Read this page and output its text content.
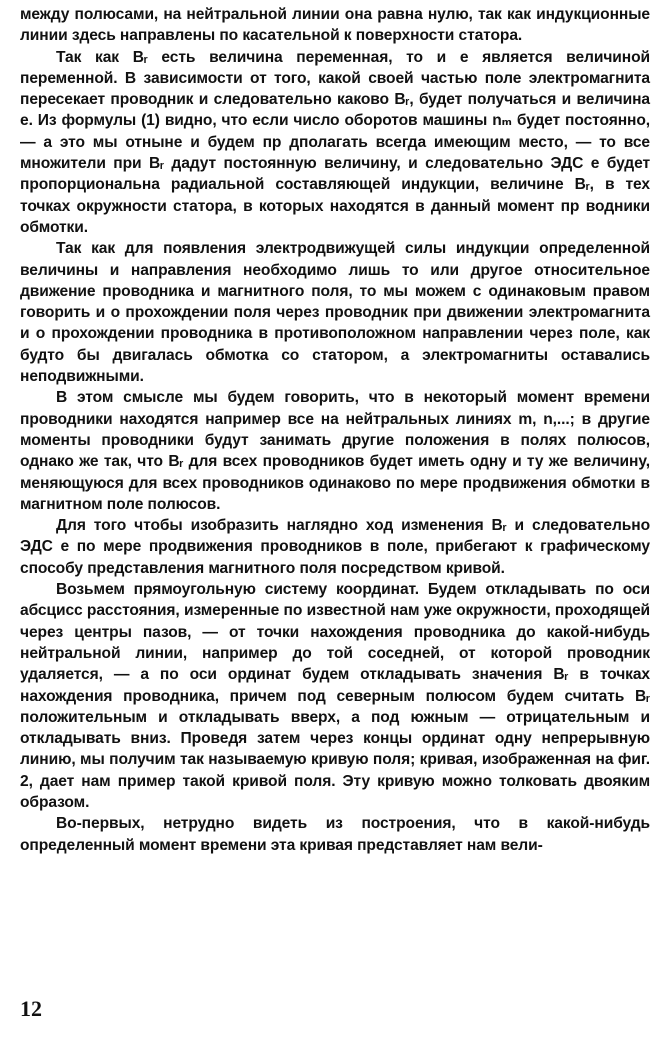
между полюсами, на нейтральной линии она равна нулю, так как индукционные линии здесь направлены по касательной к поверхности статора.

Так как Bᵣ есть величина переменная, то и e является величиной переменной. В зависимости от того, какой своей частью поле электромагнита пересекает проводник и следовательно каково Bᵣ, будет получаться и величина e. Из формулы (1) видно, что если число оборотов машины nₘ будет постоянно, — а это мы отныне и будем пр дполагать всегда имеющим место, — то все множители при Bᵣ дадут постоянную величину, и следовательно ЭДС e будет пропорциональна радиальной составляющей индукции, величине Bᵣ, в тех точках окружности статора, в которых находятся в данный момент пр водники обмотки.

Так как для появления электродвижущей силы индукции определенной величины и направления необходимо лишь то или другое относительное движение проводника и магнитного поля, то мы можем с одинаковым правом говорить и о прохождении поля через проводник при движении электромагнита и о прохождении проводника в противоположном направлении через поле, как будто бы двигалась обмотка со статором, а электромагниты оставались неподвижными.

В этом смысле мы будем говорить, что в некоторый момент времени проводники находятся например все на нейтральных линиях m, n,...; в другие моменты проводники будут занимать другие положения в полях полюсов, однако же так, что Bᵣ для всех проводников будет иметь одну и ту же величину, меняющуюся для всех проводников одинаково по мере продвижения обмотки в магнитном поле полюсов.

Для того чтобы изобразить наглядно ход изменения Bᵣ и следовательно ЭДС e по мере продвижения проводников в поле, прибегают к графическому способу представления магнитного поля посредством кривой.

Возьмем прямоугольную систему координат. Будем откладывать по оси абсцисс расстояния, измеренные по известной нам уже окружности, проходящей через центры пазов, — от точки нахождения проводника до какой-нибудь нейтральной линии, например до той соседней, от которой проводник удаляется, — а по оси ординат будем откладывать значения Bᵣ в точках нахождения проводника, причем под северным полюсом будем считать Bᵣ положительным и откладывать вверх, а под южным — отрицательным и откладывать вниз. Проведя затем через концы ординат одну непрерывную линию, мы получим так называемую кривую поля; кривая, изображенная на фиг. 2, дает нам пример такой кривой поля. Эту кривую можно толковать двояким образом.

Во-первых, нетрудно видеть из построения, что в какой-нибудь определенный момент времени эта кривая представляет нам вели-

12
